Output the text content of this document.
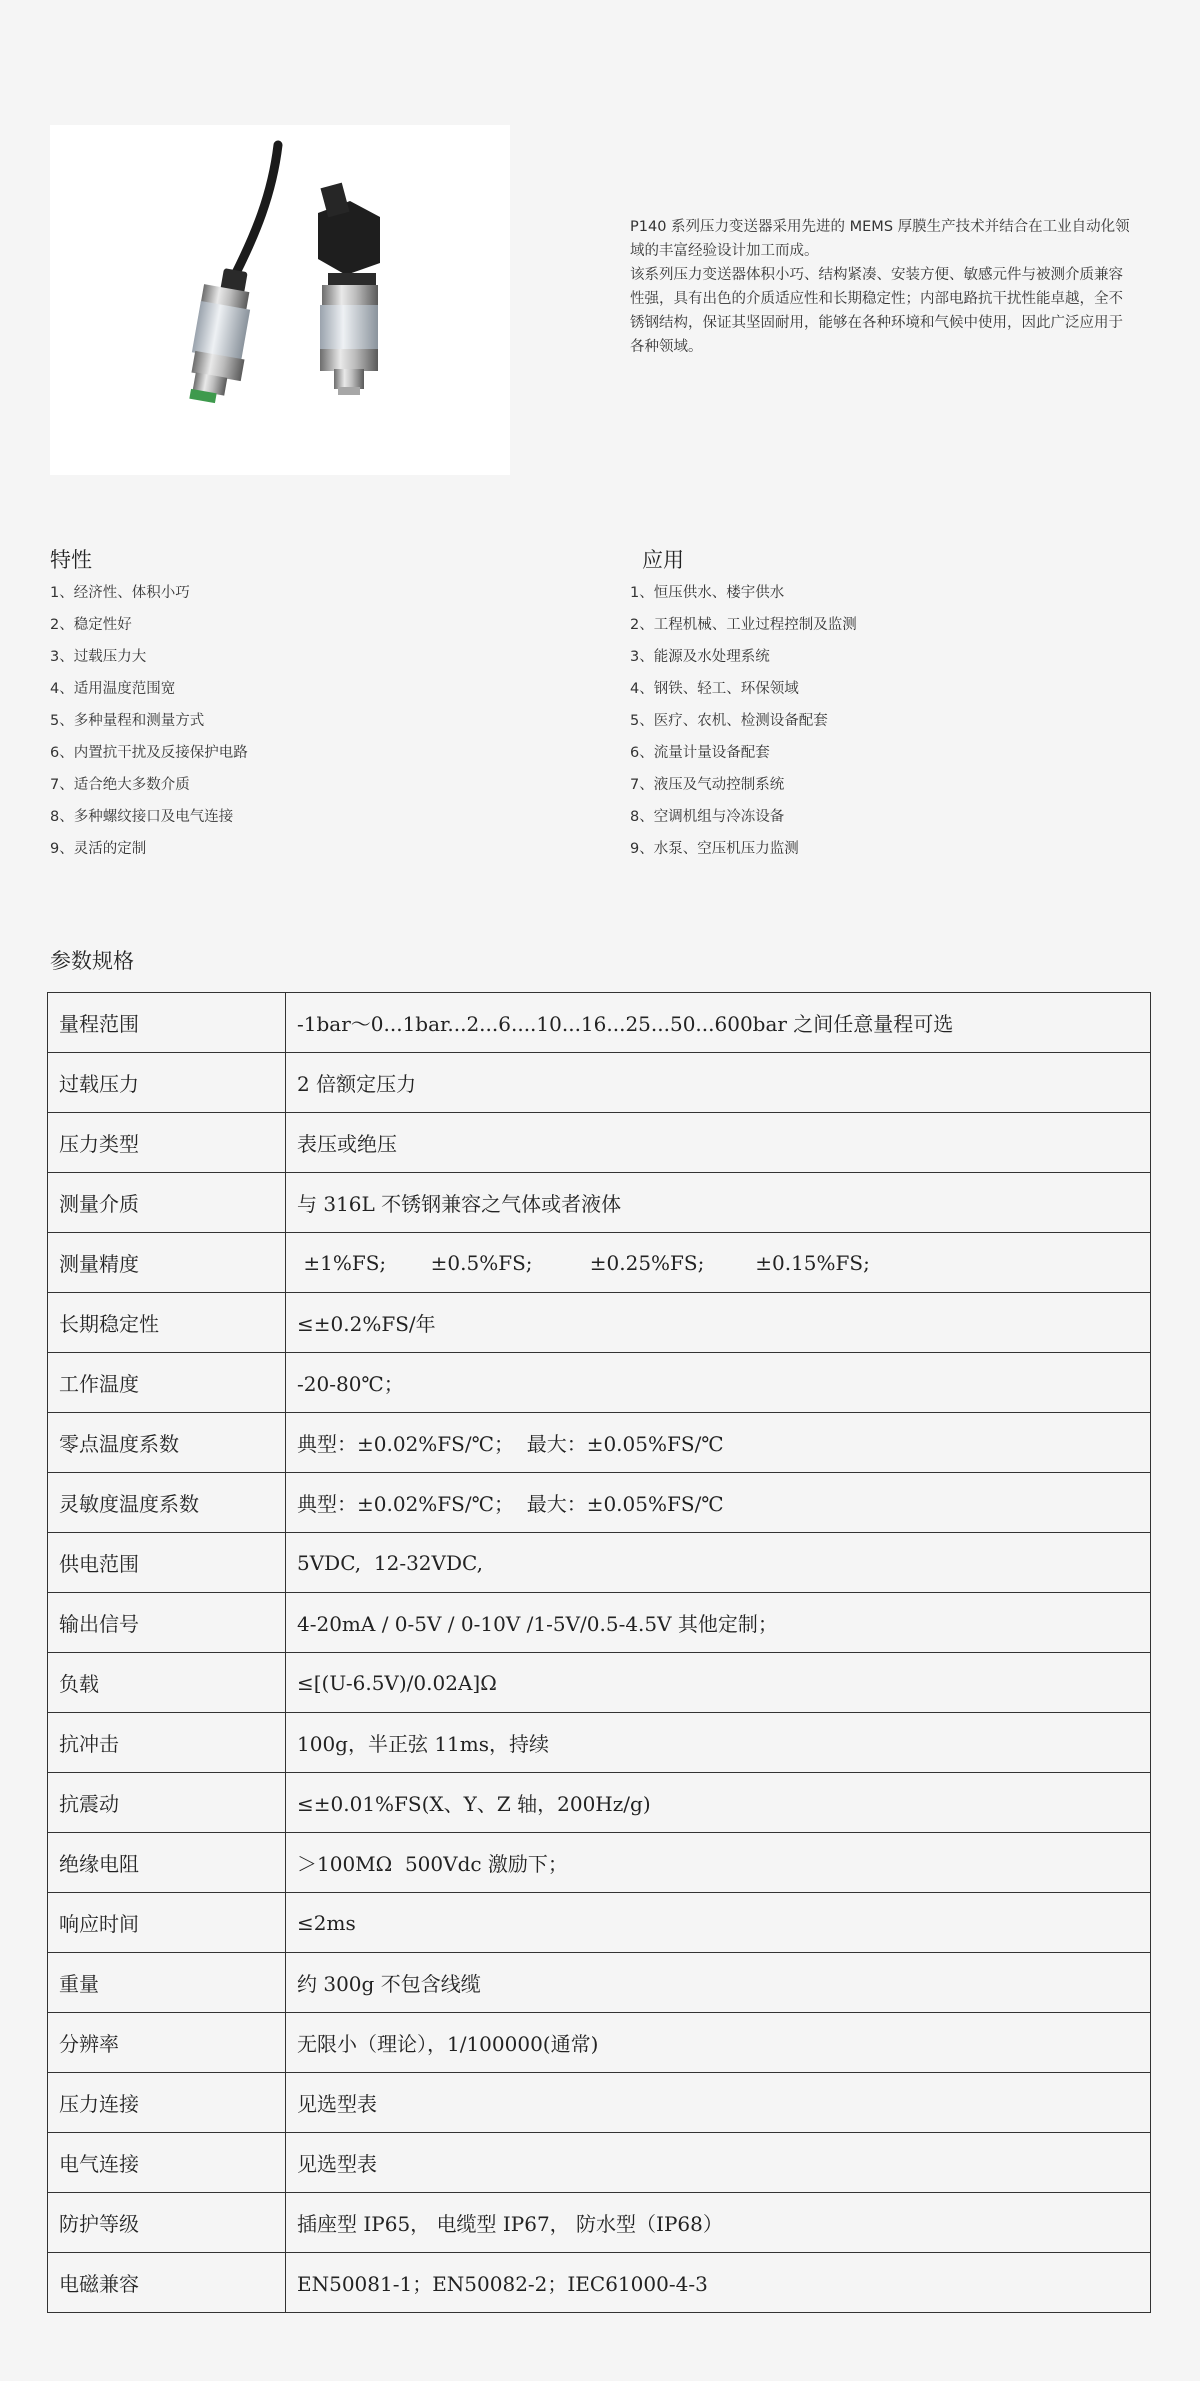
P140 系列压力变送器采用先进的 MEMS 厚膜生产技术并结合在工业自动化领域的丰富经验设计加工而成。

该系列压力变送器体积小巧、结构紧凑、安装方便、敏感元件与被测介质兼容性强，具有出色的介质适应性和长期稳定性；内部电路抗干扰性能卓越，全不锈钢结构，保证其坚固耐用，能够在各种环境和气候中使用，因此广泛应用于各种领域。

特性
1、经济性、体积小巧
2、稳定性好
3、过载压力大
4、适用温度范围宽
5、多种量程和测量方式
6、内置抗干扰及反接保护电路
7、适合绝大多数介质
8、多种螺纹接口及电气连接
9、灵活的定制
应用
1、恒压供水、楼宇供水
2、工程机械、工业过程控制及监测
3、能源及水处理系统
4、钢铁、轻工、环保领域
5、医疗、农机、检测设备配套
6、流量计量设备配套
7、液压及气动控制系统
8、空调机组与冷冻设备
9、水泵、空压机压力监测
参数规格
量程范围	-1bar～0...1bar...2...6....10...16...25...50...600bar 之间任意量程可选
过载压力	2 倍额定压力
压力类型	表压或绝压
测量介质	与 316L 不锈钢兼容之气体或者液体
测量精度	±1%FS;       ±0.5%FS;         ±0.25%FS;        ±0.15%FS;
长期稳定性	≤±0.2%FS/年
工作温度	-20-80℃；
零点温度系数	典型：±0.02%FS/℃；  最大：±0.05%FS/℃
灵敏度温度系数	典型：±0.02%FS/℃；  最大：±0.05%FS/℃
供电范围	5VDC,  12-32VDC,
输出信号	4-20mA / 0-5V / 0-10V /1-5V/0.5-4.5V 其他定制；
负载	≤[(U-6.5V)/0.02A]Ω
抗冲击	100g，半正弦 11ms，持续
抗震动	≤±0.01%FS(X、Y、Z 轴，200Hz/g)
绝缘电阻	＞100MΩ  500Vdc 激励下；
响应时间	≤2ms
重量	约 300g 不包含线缆
分辨率	无限小（理论），1/100000(通常)
压力连接	见选型表
电气连接	见选型表
防护等级	插座型 IP65， 电缆型 IP67， 防水型（IP68）
电磁兼容	EN50081-1；EN50082-2；IEC61000-4-3
